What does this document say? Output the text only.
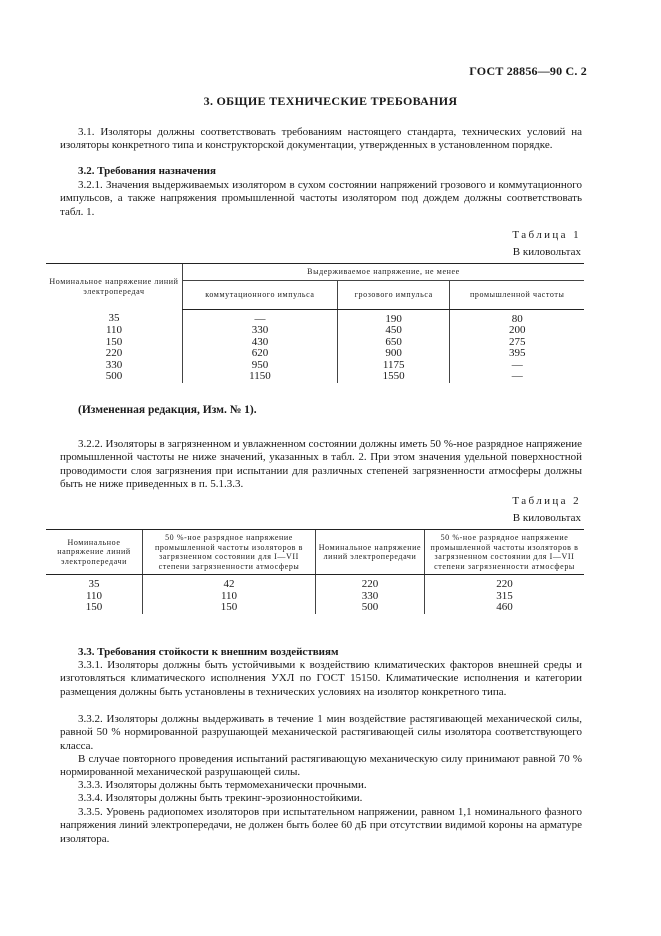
ГОСТ 28856—90 С. 2
3. ОБЩИЕ ТЕХНИЧЕСКИЕ ТРЕБОВАНИЯ
3.1. Изоляторы должны соответствовать требованиям настоящего стандарта, технических условий на изоляторы конкретного типа и конструкторской документации, утвержденных в установленном порядке.
3.2. Требования назначения
3.2.1. Значения выдерживаемых изолятором в сухом состоянии напряжений грозового и коммутационного импульсов, а также напряжения промышленной частоты изолятором под дождем должны соответствовать табл. 1.
Таблица 1
В киловольтах
Номинальное напряжение линий электропередач	Выдерживаемое напряжение, не менее		
	коммутационного импульса	грозового импульса	промышленной частоты
35	—	190	80
110	330	450	200
150	430	650	275
220	620	900	395
330	950	1175	—
500	1150	1550	—
(Измененная редакция, Изм. № 1).
3.2.2. Изоляторы в загрязненном и увлажненном состоянии должны иметь 50 %-ное разрядное напряжение промышленной частоты не ниже значений, указанных в табл. 2. При этом значения удельной поверхностной проводимости слоя загрязнения при испытании для различных степеней загрязненности атмосферы должны быть не ниже приведенных в п. 5.1.3.3.
Таблица 2
В киловольтах
Номинальное напряжение линий электропередачи	50 %-ное разрядное напряжение промышленной частоты изоляторов в загрязненном состоянии для I—VII степени загрязненности атмосферы	Номинальное напряжение линий электропередачи	50 %-ное разрядное напряжение промышленной частоты изоляторов в загрязненном состоянии для I—VII степени загрязненности атмосферы
35	42	220	220
110	110	330	315
150	150	500	460
3.3. Требования стойкости к внешним воздействиям
3.3.1. Изоляторы должны быть устойчивыми к воздействию климатических факторов внешней среды и изготовляться климатического исполнения УХЛ по ГОСТ 15150. Климатические исполнения и категории размещения должны быть установлены в технических условиях на изолятор конкретного типа.
3.3.2. Изоляторы должны выдерживать в течение 1 мин воздействие растягивающей механической силы, равной 50 % нормированной разрушающей механической растягивающей силы изолятора соответствующего класса.
В случае повторного проведения испытаний растягивающую механическую силу принимают равной 70 % нормированной механической разрушающей силы.
3.3.3. Изоляторы должны быть термомеханически прочными.
3.3.4. Изоляторы должны быть трекинг-эрозионностойкими.
3.3.5. Уровень радиопомех изоляторов при испытательном напряжении, равном 1,1 номинального фазного напряжения линий электропередачи, не должен быть более 60 дБ при отсутствии видимой короны на арматуре изолятора.
